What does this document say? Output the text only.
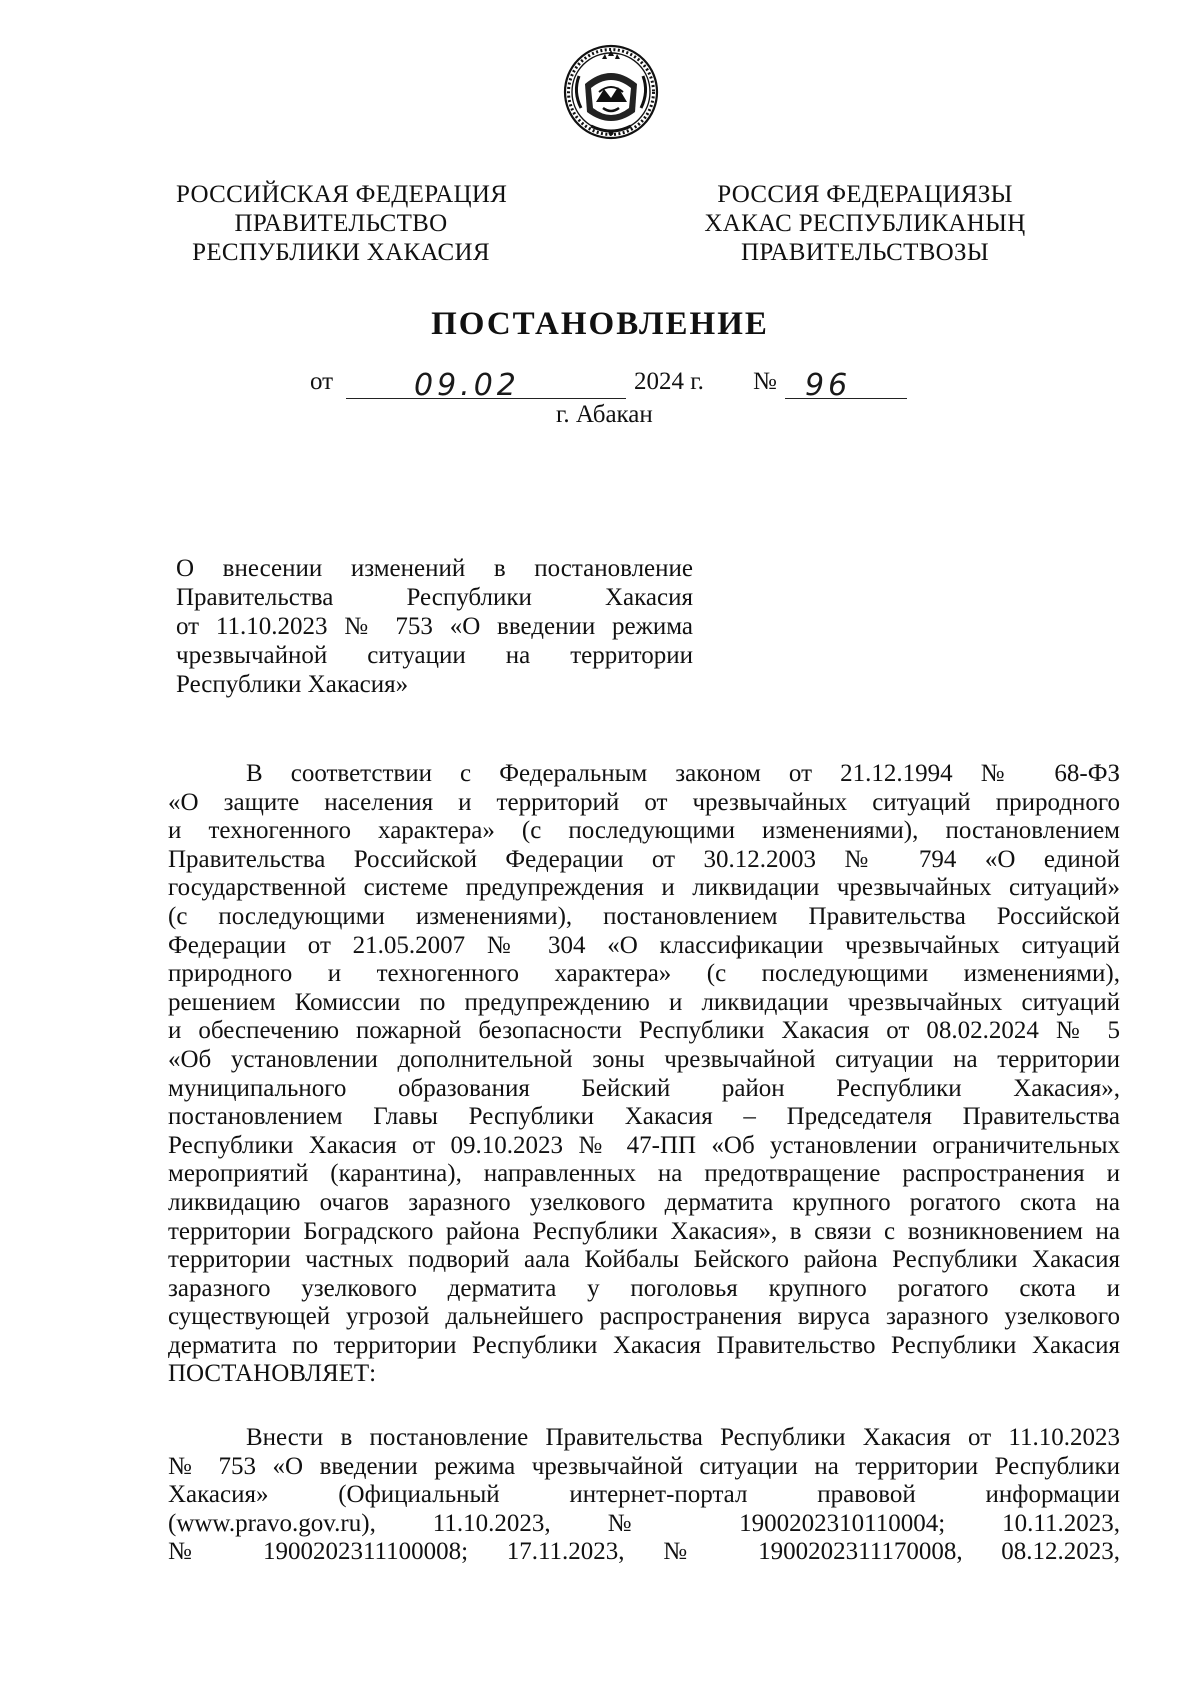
РОССИЙСКАЯ ФЕДЕРАЦИЯ
ПРАВИТЕЛЬСТВО
РЕСПУБЛИКИ ХАКАСИЯ
РОССИЯ ФЕДЕРАЦИЯЗЫ
ХАКАС РЕСПУБЛИКАНЫҢ
ПРАВИТЕЛЬСТВОЗЫ
ПОСТАНОВЛЕНИЕ
от	09.02	2024 г. № 96
г. Абакан
О внесении изменений в постановление
Правительства Республики Хакасия
от 11.10.2023 № 753 «О введении режима
чрезвычайной ситуации на территории
Республики Хакасия»
В соответствии с Федеральным законом от 21.12.1994 № 68-ФЗ
«О защите населения и территорий от чрезвычайных ситуаций природного
и техногенного характера» (с последующими изменениями), постановлением
Правительства Российской Федерации от 30.12.2003 № 794 «О единой
государственной системе предупреждения и ликвидации чрезвычайных ситуаций»
(с последующими изменениями), постановлением Правительства Российской
Федерации от 21.05.2007 № 304 «О классификации чрезвычайных ситуаций
природного и техногенного характера» (с последующими изменениями),
решением Комиссии по предупреждению и ликвидации чрезвычайных ситуаций
и обеспечению пожарной безопасности Республики Хакасия от 08.02.2024 № 5
«Об установлении дополнительной зоны чрезвычайной ситуации на территории
муниципального образования Бейский район Республики Хакасия»,
постановлением Главы Республики Хакасия – Председателя Правительства
Республики Хакасия от 09.10.2023 № 47-ПП «Об установлении ограничительных
мероприятий (карантина), направленных на предотвращение распространения и
ликвидацию очагов заразного узелкового дерматита крупного рогатого скота на
территории Боградского района Республики Хакасия», в связи с возникновением на
территории частных подворий аала Койбалы Бейского района Республики Хакасия
заразного узелкового дерматита у поголовья крупного рогатого скота и
существующей угрозой дальнейшего распространения вируса заразного узелкового
дерматита по территории Республики Хакасия Правительство Республики Хакасия
ПОСТАНОВЛЯЕТ:
Внести в постановление Правительства Республики Хакасия от 11.10.2023
№ 753 «О введении режима чрезвычайной ситуации на территории Республики
Хакасия» (Официальный интернет-портал правовой информации
(www.pravo.gov.ru), 11.10.2023, № 1900202310110004; 10.11.2023,
№ 1900202311100008; 17.11.2023, № 1900202311170008, 08.12.2023,
